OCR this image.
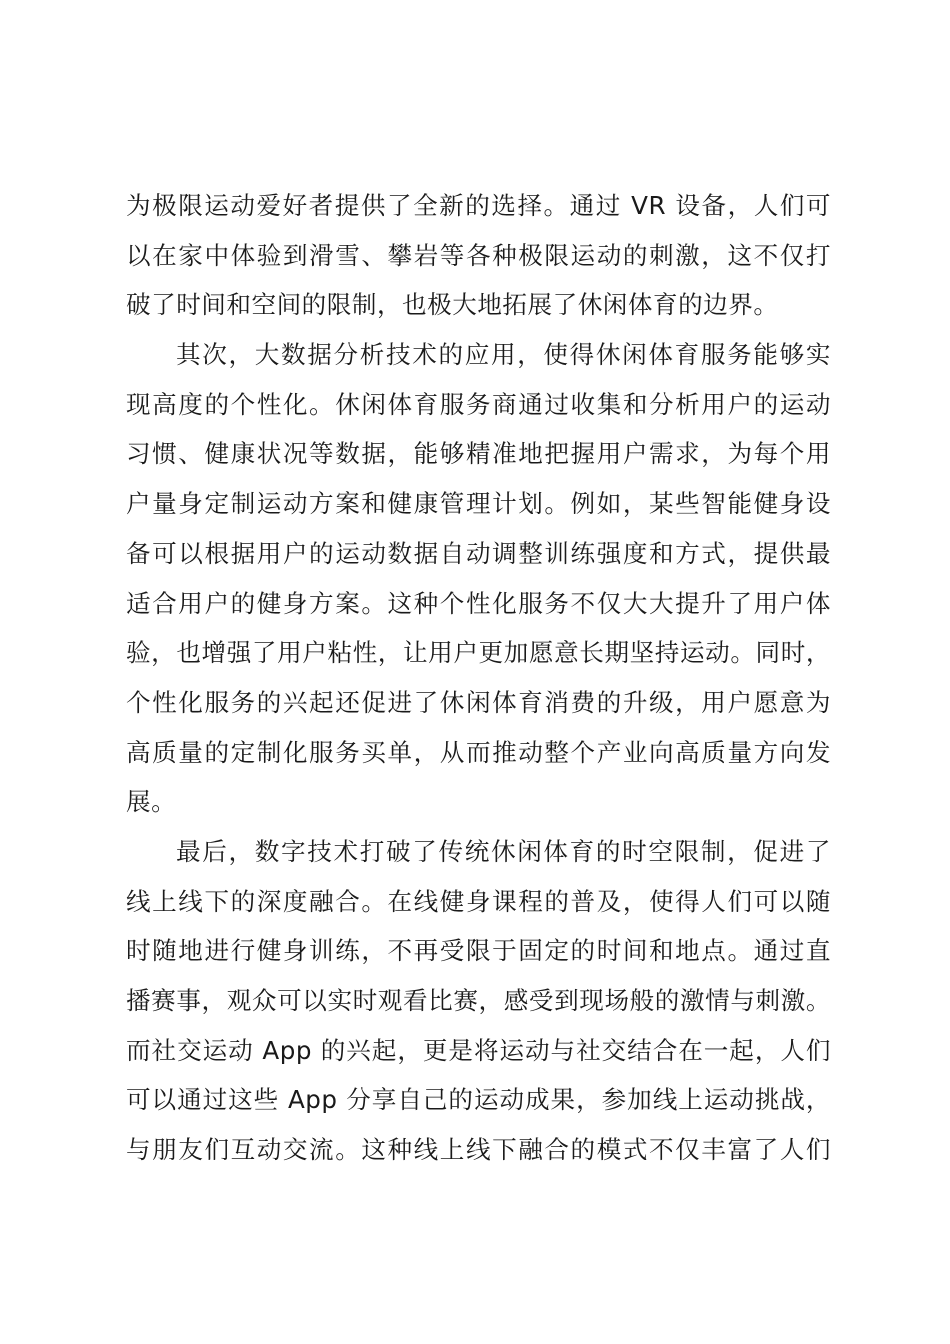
为极限运动爱好者提供了全新的选择。通过 VR 设备，人们可
以在家中体验到滑雪、攀岩等各种极限运动的刺激，这不仅打
破了时间和空间的限制，也极大地拓展了休闲体育的边界。
其次，大数据分析技术的应用，使得休闲体育服务能够实
现高度的个性化。休闲体育服务商通过收集和分析用户的运动
习惯、健康状况等数据，能够精准地把握用户需求，为每个用
户量身定制运动方案和健康管理计划。例如，某些智能健身设
备可以根据用户的运动数据自动调整训练强度和方式，提供最
适合用户的健身方案。这种个性化服务不仅大大提升了用户体
验，也增强了用户粘性，让用户更加愿意长期坚持运动。同时，
个性化服务的兴起还促进了休闲体育消费的升级，用户愿意为
高质量的定制化服务买单，从而推动整个产业向高质量方向发
展。
最后，数字技术打破了传统休闲体育的时空限制，促进了
线上线下的深度融合。在线健身课程的普及，使得人们可以随
时随地进行健身训练，不再受限于固定的时间和地点。通过直
播赛事，观众可以实时观看比赛，感受到现场般的激情与刺激。
而社交运动 App 的兴起，更是将运动与社交结合在一起，人们
可以通过这些 App 分享自己的运动成果，参加线上运动挑战，
与朋友们互动交流。这种线上线下融合的模式不仅丰富了人们
